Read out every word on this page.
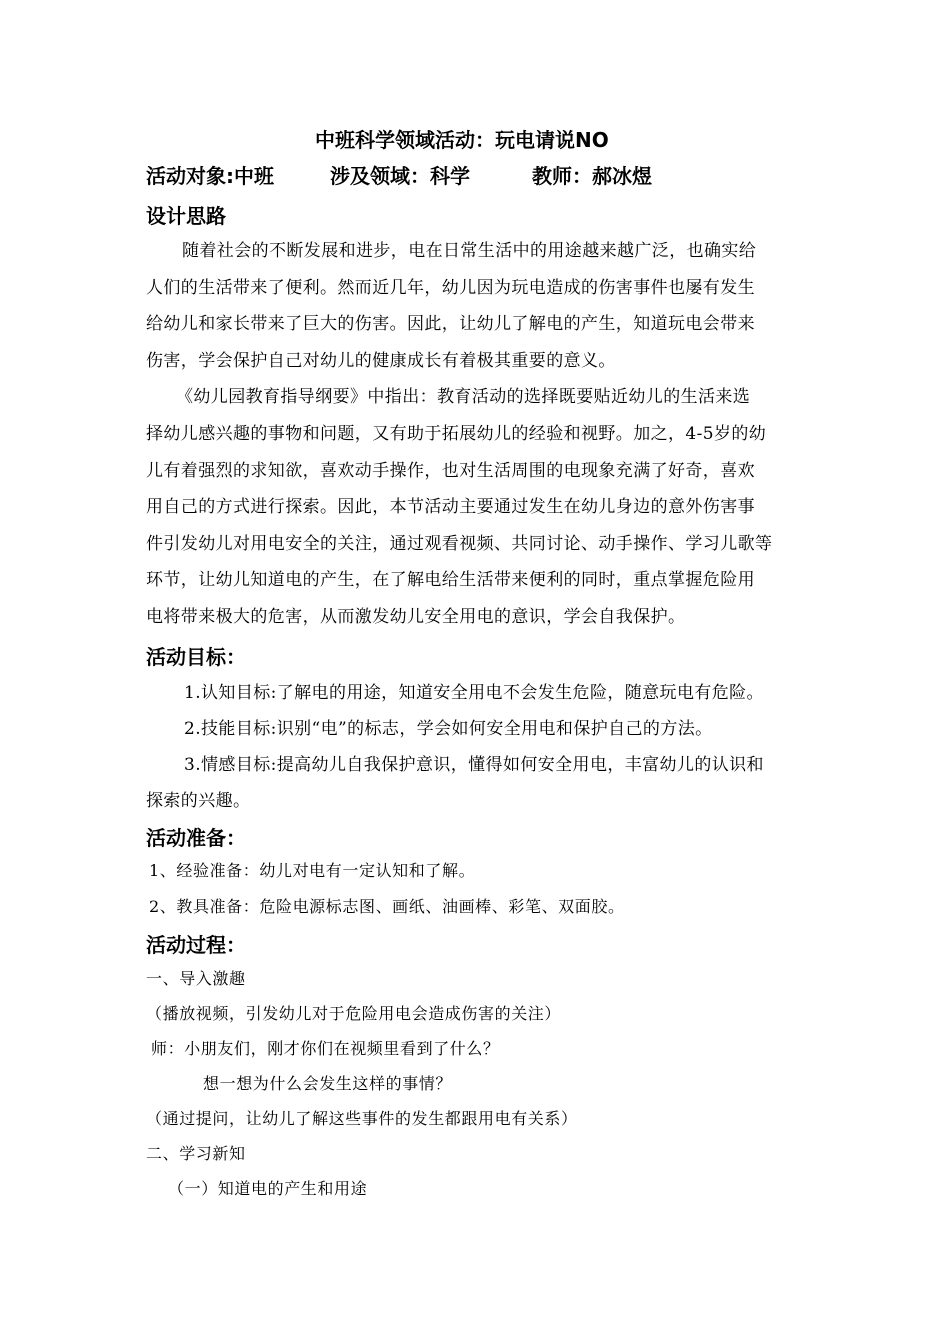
中班科学领域活动：玩电请说NO
活动对象:中班	涉及领域：科学	教师：郝冰煜
设计思路
随着社会的不断发展和进步，电在日常生活中的用途越来越广泛，也确实给
人们的生活带来了便利。然而近几年，幼儿因为玩电造成的伤害事件也屡有发生
给幼儿和家长带来了巨大的伤害。因此，让幼儿了解电的产生，知道玩电会带来
伤害，学会保护自己对幼儿的健康成长有着极其重要的意义。
《幼儿园教育指导纲要》中指出：教育活动的选择既要贴近幼儿的生活来选
择幼儿感兴趣的事物和问题，又有助于拓展幼儿的经验和视野。加之，4-5岁的幼
儿有着强烈的求知欲，喜欢动手操作，也对生活周围的电现象充满了好奇，喜欢
用自己的方式进行探索。因此，本节活动主要通过发生在幼儿身边的意外伤害事
件引发幼儿对用电安全的关注，通过观看视频、共同讨论、动手操作、学习儿歌等
环节，让幼儿知道电的产生，在了解电给生活带来便利的同时，重点掌握危险用
电将带来极大的危害，从而激发幼儿安全用电的意识，学会自我保护。
活动目标：
1.认知目标:了解电的用途，知道安全用电不会发生危险，随意玩电有危险。
2.技能目标:识别“电”的标志，学会如何安全用电和保护自己的方法。
3.情感目标:提高幼儿自我保护意识，懂得如何安全用电，丰富幼儿的认识和
探索的兴趣。
活动准备：
1、经验准备：幼儿对电有一定认知和了解。
2、教具准备：危险电源标志图、画纸、油画棒、彩笔、双面胶。
活动过程：
一、导入激趣
（播放视频，引发幼儿对于危险用电会造成伤害的关注）
师：小朋友们，刚才你们在视频里看到了什么？
想一想为什么会发生这样的事情？
（通过提问，让幼儿了解这些事件的发生都跟用电有关系）
二、学习新知
（一）知道电的产生和用途
